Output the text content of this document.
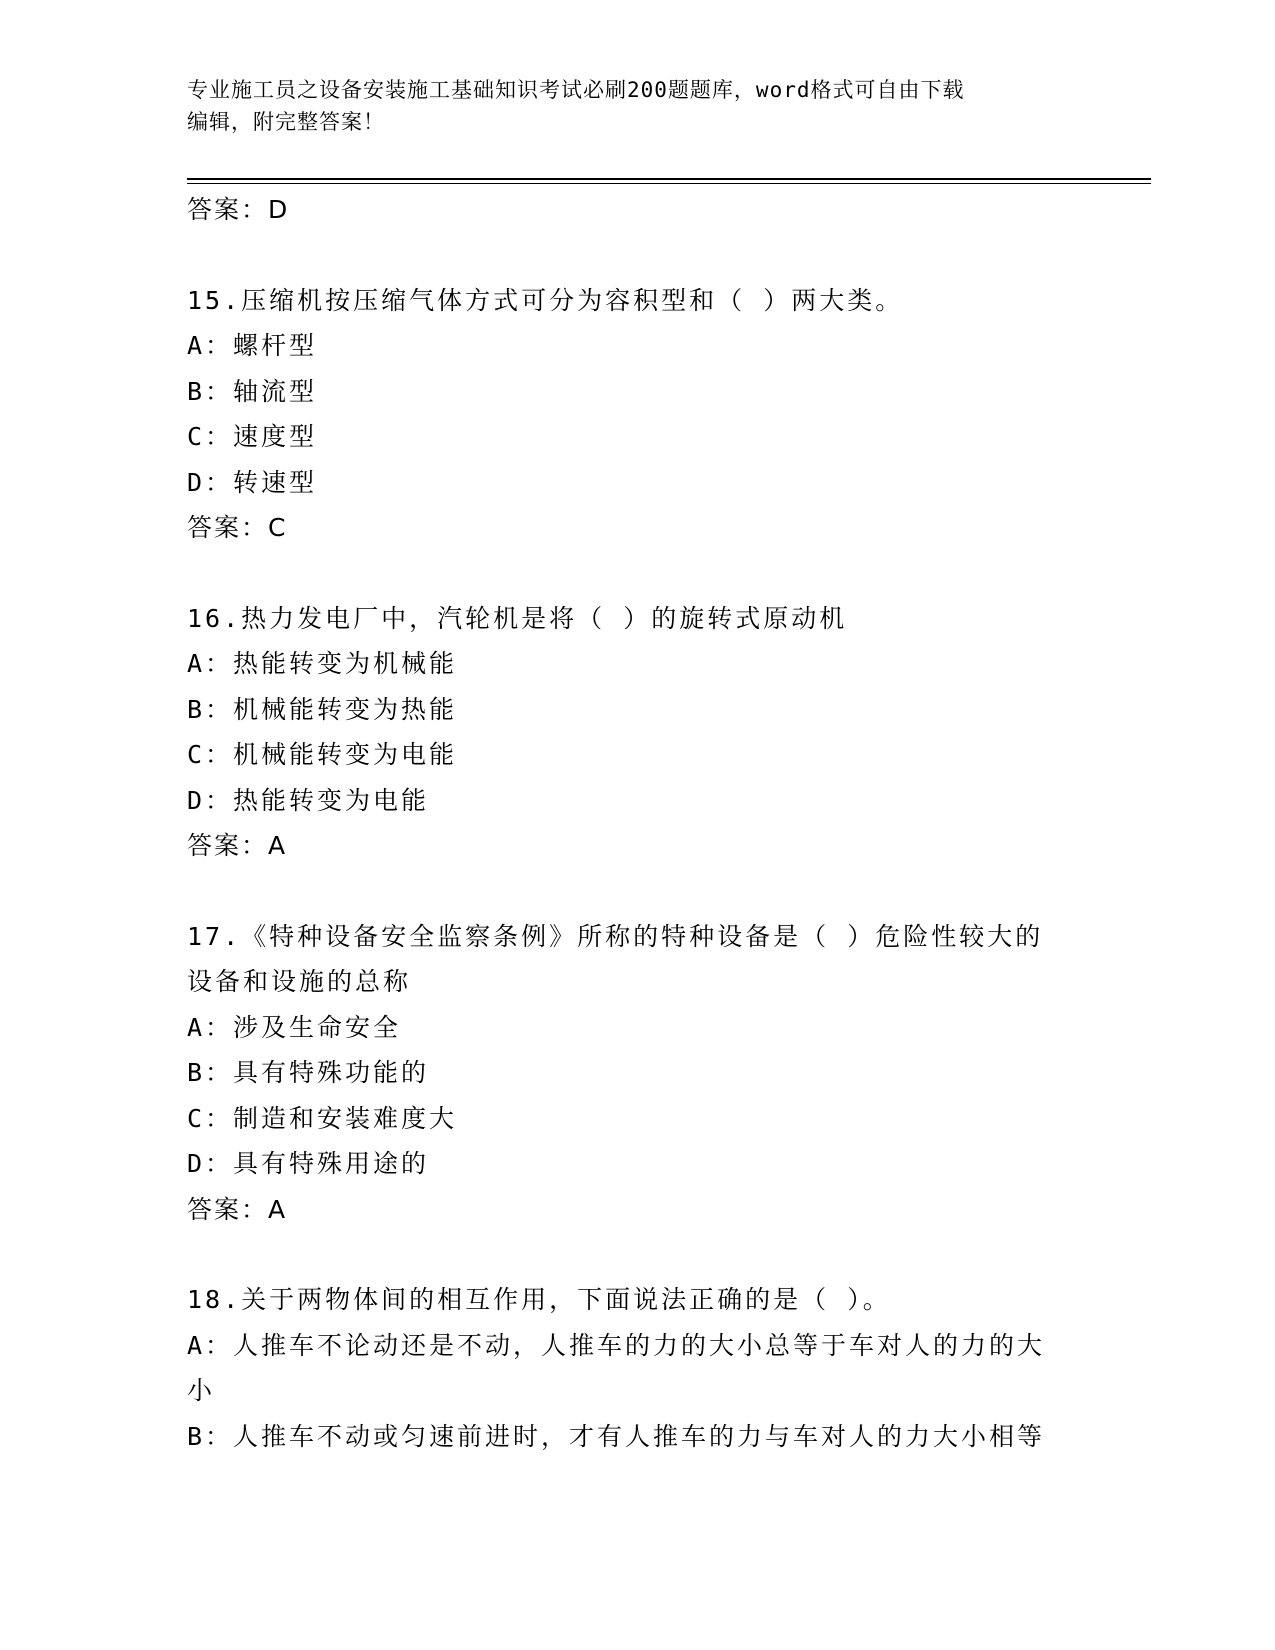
专业施工员之设备安装施工基础知识考试必刷200题题库，word格式可自由下载
编辑，附完整答案！
答案：D
15.压缩机按压缩气体方式可分为容积型和（ ）两大类。
A：螺杆型
B：轴流型
C：速度型
D：转速型
答案：C
16.热力发电厂中，汽轮机是将（ ）的旋转式原动机
A：热能转变为机械能
B：机械能转变为热能
C：机械能转变为电能
D：热能转变为电能
答案：A
17.《特种设备安全监察条例》所称的特种设备是（ ）危险性较大的
设备和设施的总称
A：涉及生命安全
B：具有特殊功能的
C：制造和安装难度大
D：具有特殊用途的
答案：A
18.关于两物体间的相互作用，下面说法正确的是（ ）。
A：人推车不论动还是不动，人推车的力的大小总等于车对人的力的大
小
B：人推车不动或匀速前进时，才有人推车的力与车对人的力大小相等
